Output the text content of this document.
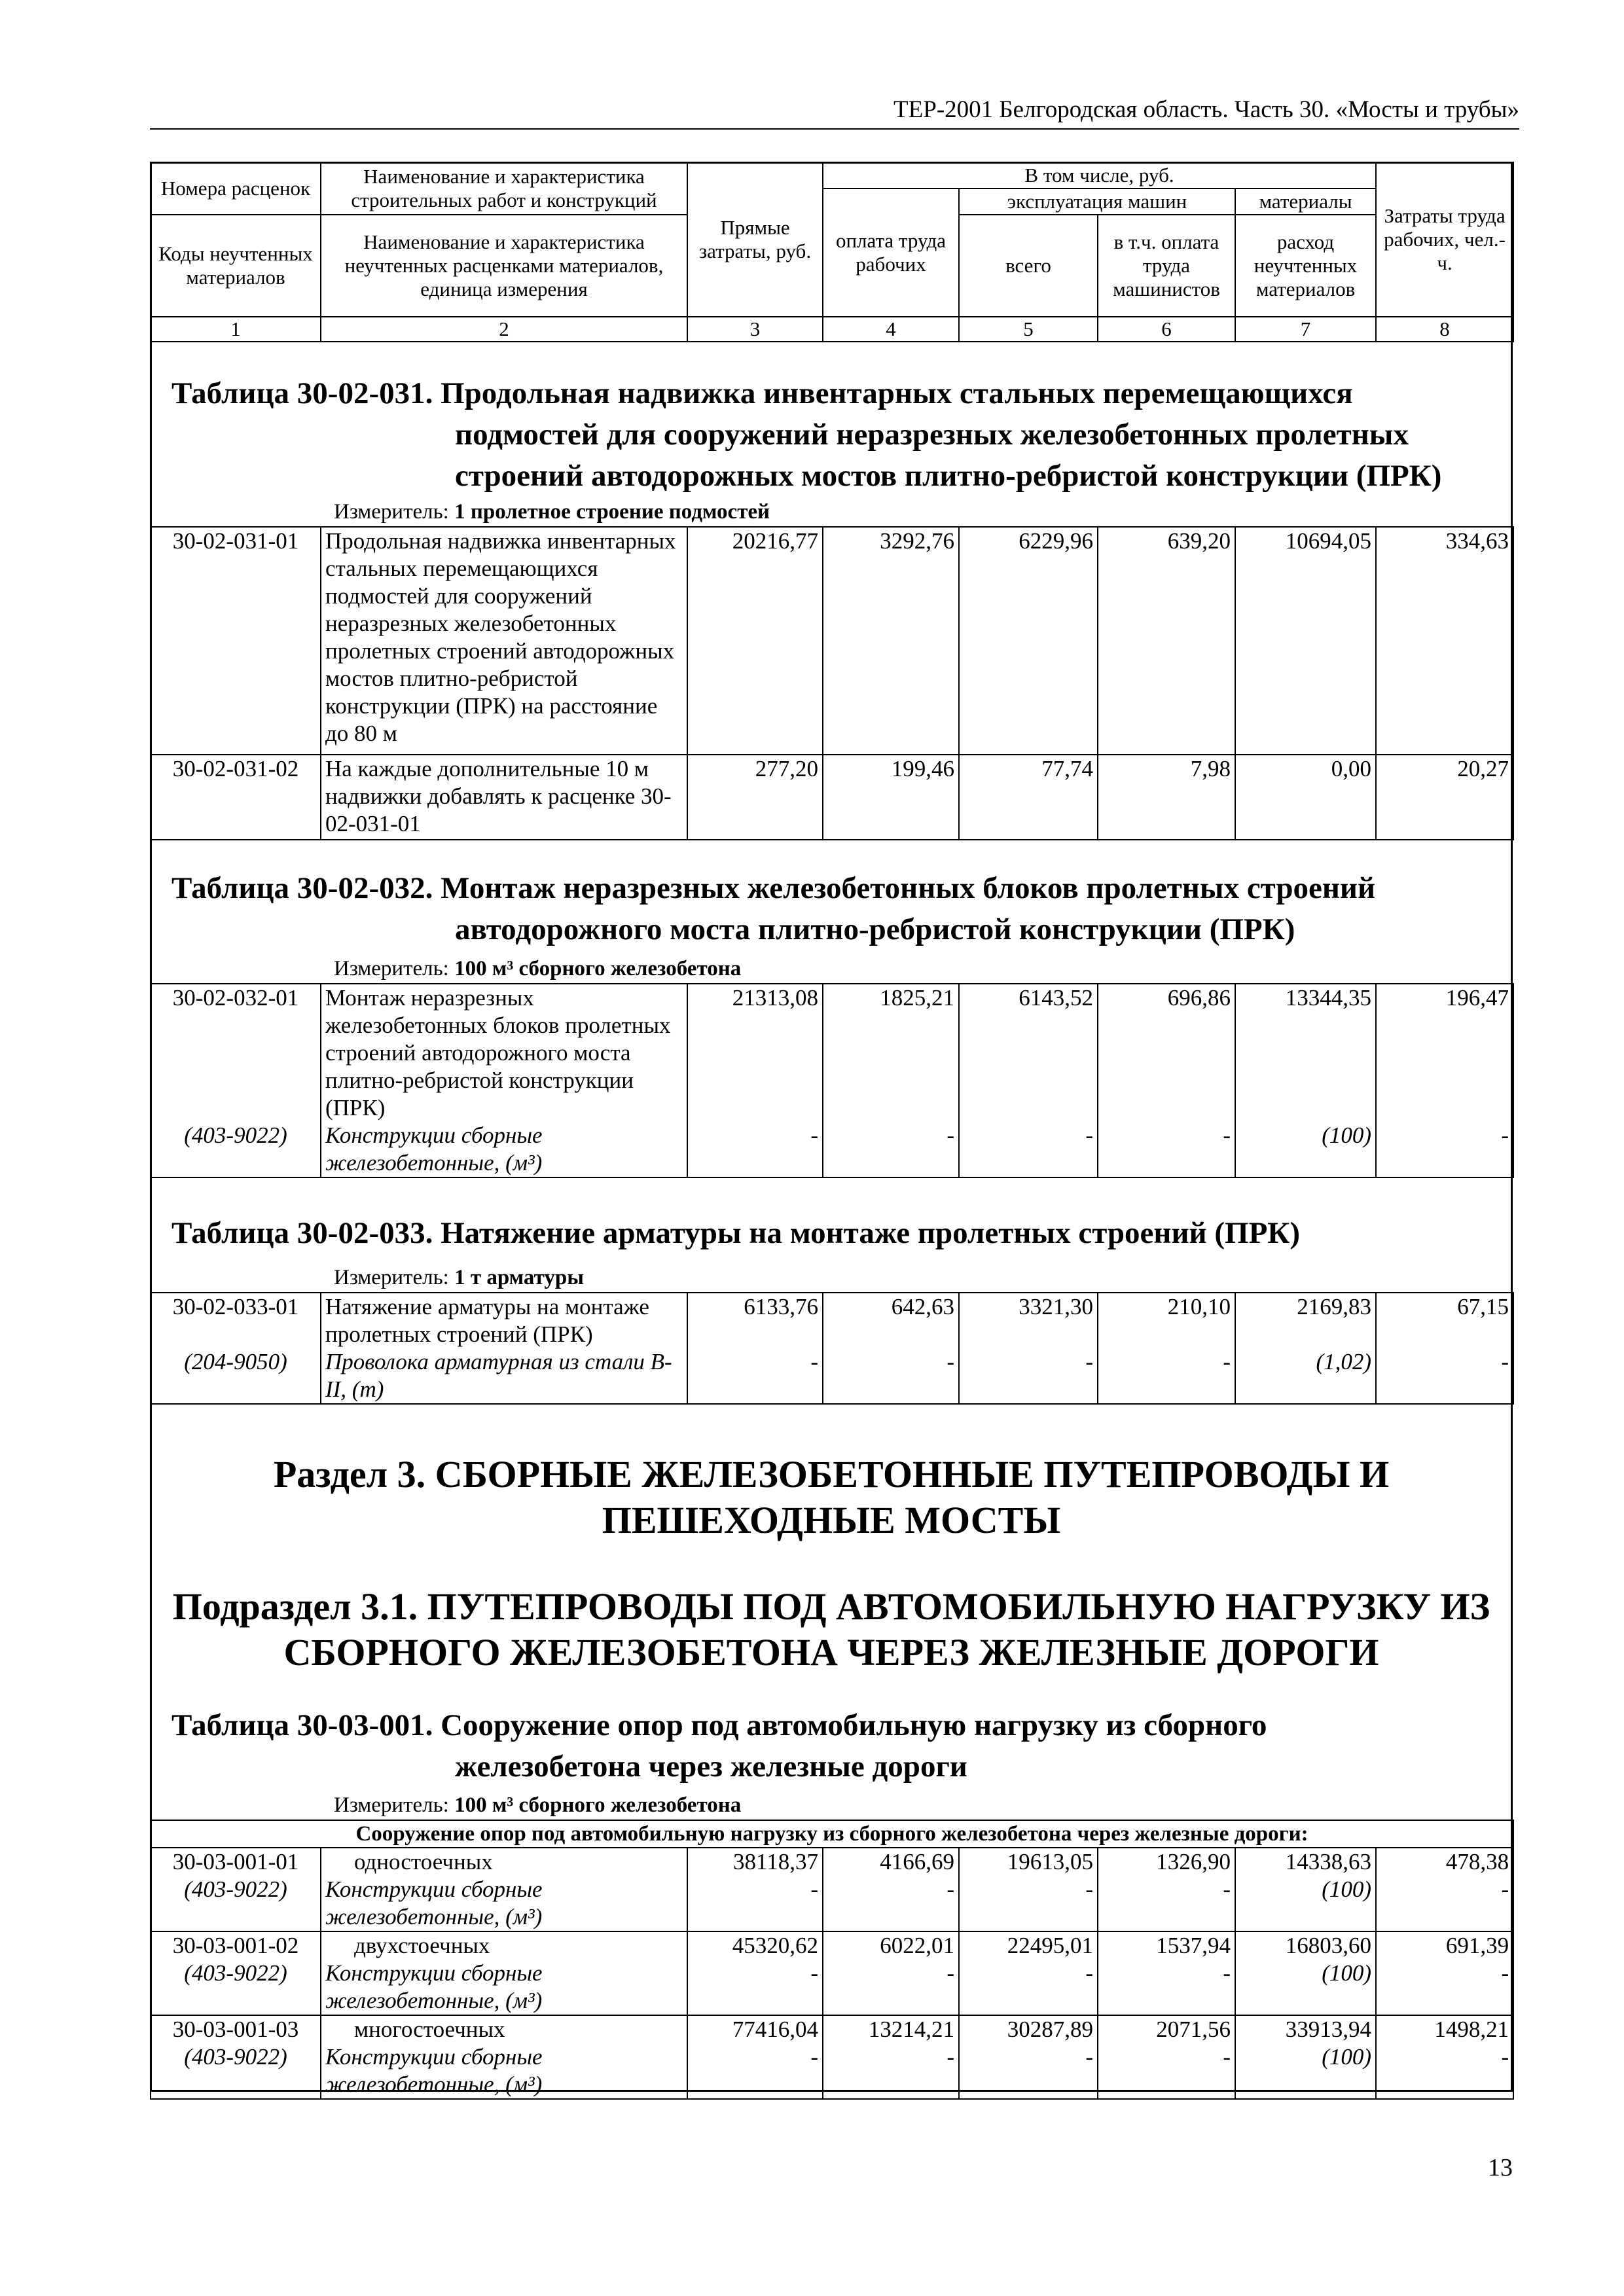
ТЕР-2001 Белгородская область. Часть 30. «Мосты и трубы»
Номера расценок	Наименование и характеристика строительных работ и конструкций	Прямые затраты, руб.	В том числе, руб.				Затраты труда рабочих, чел.-ч.
			оплата труда рабочих	эксплуатация машин		материалы	
Коды неучтенных материалов	Наименование и характеристика неучтенных расценками материалов, единица измерения			всего	в т.ч. оплата труда машинистов	расход неучтенных материалов	

1	2	3	4	5	6	7	8
Таблица 30-02-031. Продольная надвижка инвентарных стальных перемещающихся
подмостей для сооружений неразрезных железобетонных пролетных
строений автодорожных мостов плитно-ребристой конструкции (ПРК)
Измеритель: 1 пролетное строение подмостей
30-02-031-01	Продольная надвижка инвентарных стальных перемещающихся подмостей для сооружений неразрезных железобетонных пролетных строений автодорожных мостов плитно-ребристой конструкции (ПРК) на расстояние до 80 м	20216,77	3292,76	6229,96	639,20	10694,05	334,63
30-02-031-02	На каждые дополнительные 10 м надвижки добавлять к расценке 30-02-031-01	277,20	199,46	77,74	7,98	0,00	20,27
Таблица 30-02-032. Монтаж неразрезных железобетонных блоков пролетных строений
автодорожного моста плитно-ребристой конструкции (ПРК)
Измеритель: 100 м³ сборного железобетона
30-02-032-01	Монтаж неразрезных железобетонных блоков пролетных строений автодорожного моста плитно-ребристой конструкции (ПРК)	21313,08	1825,21	6143,52	696,86	13344,35	196,47
(403-9022)	Конструкции сборные железобетонные, (м³)	-	-	-	-	(100)	-
Таблица 30-02-033. Натяжение арматуры на монтаже пролетных строений (ПРК)
Измеритель: 1 т арматуры
30-02-033-01	Натяжение арматуры на монтаже пролетных строений (ПРК)	6133,76	642,63	3321,30	210,10	2169,83	67,15
(204-9050)	Проволока арматурная из стали В-II, (т)	-	-	-	-	(1,02)	-
Раздел 3. СБОРНЫЕ ЖЕЛЕЗОБЕТОННЫЕ ПУТЕПРОВОДЫ И
ПЕШЕХОДНЫЕ МОСТЫ
Подраздел 3.1. ПУТЕПРОВОДЫ ПОД АВТОМОБИЛЬНУЮ НАГРУЗКУ ИЗ
СБОРНОГО ЖЕЛЕЗОБЕТОНА ЧЕРЕЗ ЖЕЛЕЗНЫЕ ДОРОГИ
Таблица 30-03-001. Сооружение опор под автомобильную нагрузку из сборного
железобетона через железные дороги
Измеритель: 100 м³ сборного железобетона
Сооружение опор под автомобильную нагрузку из сборного железобетона через железные дороги:							
30-03-001-01	одностоечных	38118,37	4166,69	19613,05	1326,90	14338,63	478,38
(403-9022)	Конструкции сборные железобетонные, (м³)	-	-	-	-	(100)	-
30-03-001-02	двухстоечных	45320,62	6022,01	22495,01	1537,94	16803,60	691,39
(403-9022)	Конструкции сборные железобетонные, (м³)	-	-	-	-	(100)	-
30-03-001-03	многостоечных	77416,04	13214,21	30287,89	2071,56	33913,94	1498,21
(403-9022)	Конструкции сборные железобетонные, (м³)	-	-	-	-	(100)	-
13
